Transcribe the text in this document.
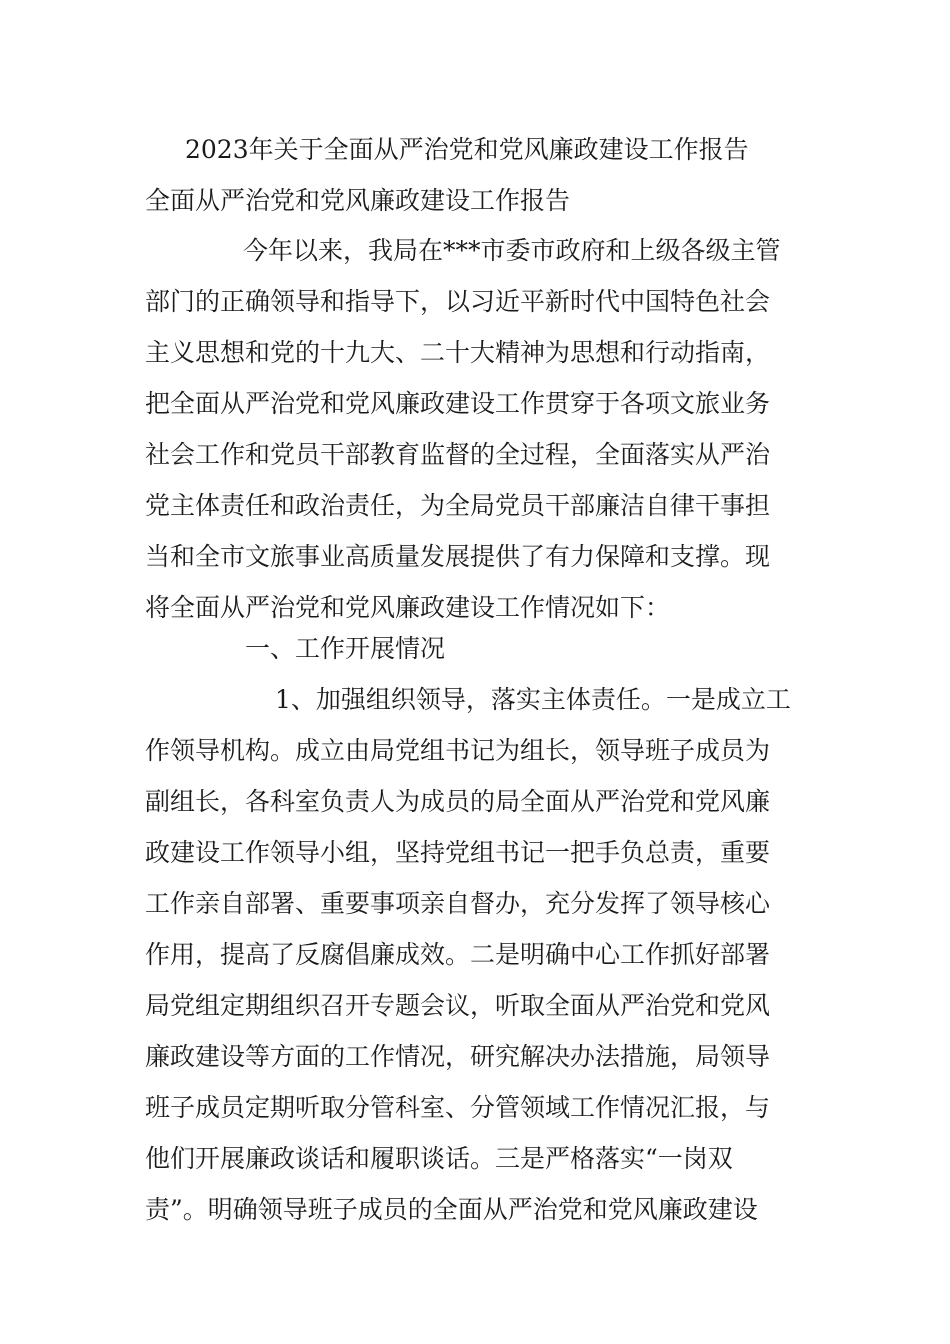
2023年关于全面从严治党和党风廉政建设工作报告
全面从严治党和党风廉政建设工作报告
今年以来，我局在***市委市政府和上级各级主管
部门的正确领导和指导下，以习近平新时代中国特色社会
主义思想和党的十九大、二十大精神为思想和行动指南，
把全面从严治党和党风廉政建设工作贯穿于各项文旅业务
社会工作和党员干部教育监督的全过程，全面落实从严治
党主体责任和政治责任，为全局党员干部廉洁自律干事担
当和全市文旅事业高质量发展提供了有力保障和支撑。现
将全面从严治党和党风廉政建设工作情况如下：
一、工作开展情况
1、加强组织领导，落实主体责任。一是成立工
作领导机构。成立由局党组书记为组长，领导班子成员为
副组长，各科室负责人为成员的局全面从严治党和党风廉
政建设工作领导小组，坚持党组书记一把手负总责，重要
工作亲自部署、重要事项亲自督办，充分发挥了领导核心
作用，提高了反腐倡廉成效。二是明确中心工作抓好部署
局党组定期组织召开专题会议，听取全面从严治党和党风
廉政建设等方面的工作情况，研究解决办法措施，局领导
班子成员定期听取分管科室、分管领域工作情况汇报，与
他们开展廉政谈话和履职谈话。三是严格落实“一岗双
责”。明确领导班子成员的全面从严治党和党风廉政建设
